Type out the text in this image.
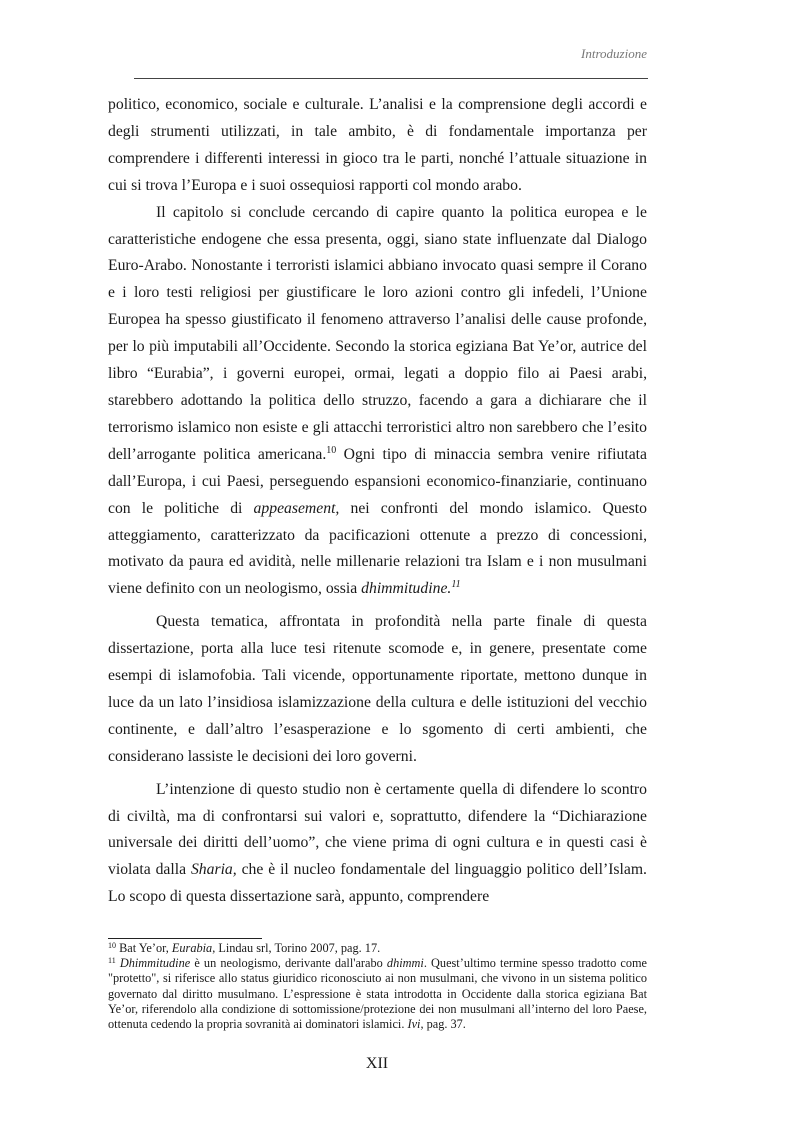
Introduzione

politico, economico, sociale e culturale. L’analisi e la comprensione degli accordi e degli strumenti utilizzati, in tale ambito, è di fondamentale importanza per comprendere i differenti interessi in gioco tra le parti, nonché l’attuale situazione in cui si trova l’Europa e i suoi ossequiosi rapporti col mondo arabo.

Il capitolo si conclude cercando di capire quanto la politica europea e le caratteristiche endogene che essa presenta, oggi, siano state influenzate dal Dialogo Euro-Arabo. Nonostante i terroristi islamici abbiano invocato quasi sempre il Corano e i loro testi religiosi per giustificare le loro azioni contro gli infedeli, l’Unione Europea ha spesso giustificato il fenomeno attraverso l’analisi delle cause profonde, per lo più imputabili all’Occidente. Secondo la storica egiziana Bat Ye’or, autrice del libro “Eurabia”, i governi europei, ormai, legati a doppio filo ai Paesi arabi, starebbero adottando la politica dello struzzo, facendo a gara a dichiarare che il terrorismo islamico non esiste e gli attacchi terroristici altro non sarebbero che l’esito dell’arrogante politica americana.$^{10}$ Ogni tipo di minaccia sembra venire rifiutata dall’Europa, i cui Paesi, perseguendo espansioni economico-finanziarie, continuano con le politiche di appeasement, nei confronti del mondo islamico. Questo atteggiamento, caratterizzato da pacificazioni ottenute a prezzo di concessioni, motivato da paura ed avidità, nelle millenarie relazioni tra Islam e i non musulmani viene definito con un neologismo, ossia dhimmitudine.$^{11}$

Questa tematica, affrontata in profondità nella parte finale di questa dissertazione, porta alla luce tesi ritenute scomode e, in genere, presentate come esempi di islamofobia. Tali vicende, opportunamente riportate, mettono dunque in luce da un lato l’insidiosa islamizzazione della cultura e delle istituzioni del vecchio continente, e dall’altro l’esasperazione e lo sgomento di certi ambienti, che considerano lassiste le decisioni dei loro governi.

L’intenzione di questo studio non è certamente quella di difendere lo scontro di civiltà, ma di confrontarsi sui valori e, soprattutto, difendere la “Dichiarazione universale dei diritti dell’uomo”, che viene prima di ogni cultura e in questi casi è violata dalla Sharia, che è il nucleo fondamentale del linguaggio politico dell’Islam. Lo scopo di questa dissertazione sarà, appunto, comprendere

$^{10}$ Bat Ye’or, Eurabia, Lindau srl, Torino 2007, pag. 17.

$^{11}$ Dhimmitudine è un neologismo, derivante dall'arabo dhimmi. Quest’ultimo termine spesso tradotto come "protetto", si riferisce allo status giuridico riconosciuto ai non musulmani, che vivono in un sistema politico governato dal diritto musulmano. L’espressione è stata introdotta in Occidente dalla storica egiziana Bat Ye’or, riferendolo alla condizione di sottomissione/protezione dei non musulmani all’interno del loro Paese, ottenuta cedendo la propria sovranità ai dominatori islamici. Ivi, pag. 37.

XII
